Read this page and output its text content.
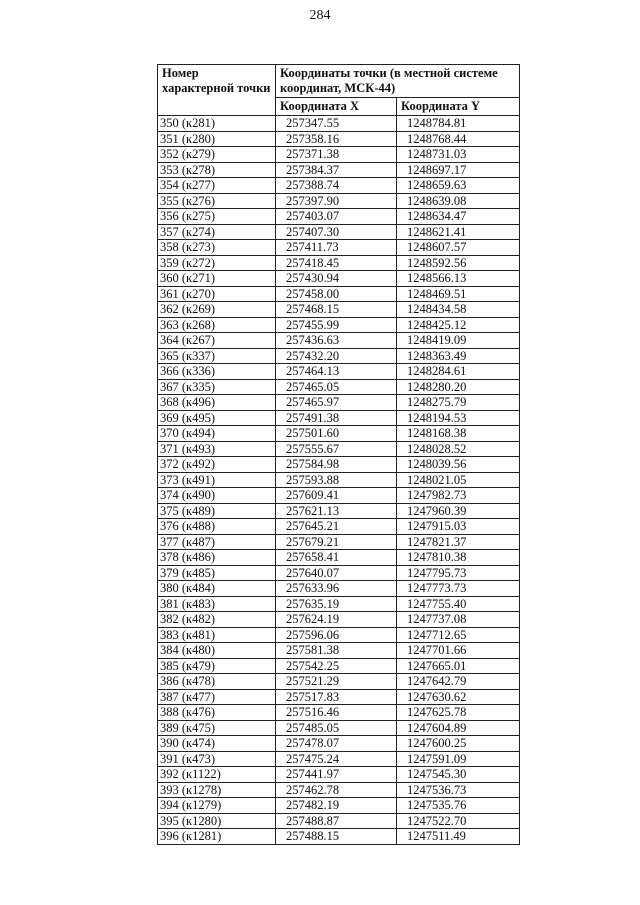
284
Номер характерной точки	Координаты точки (в местной системе координат, МСК-44)	
	Координата X	Координата Y
350 (к281)	257347.55	1248784.81
351 (к280)	257358.16	1248768.44
352 (к279)	257371.38	1248731.03
353 (к278)	257384.37	1248697.17
354 (к277)	257388.74	1248659.63
355 (к276)	257397.90	1248639.08
356 (к275)	257403.07	1248634.47
357 (к274)	257407.30	1248621.41
358 (к273)	257411.73	1248607.57
359 (к272)	257418.45	1248592.56
360 (к271)	257430.94	1248566.13
361 (к270)	257458.00	1248469.51
362 (к269)	257468.15	1248434.58
363 (к268)	257455.99	1248425.12
364 (к267)	257436.63	1248419.09
365 (к337)	257432.20	1248363.49
366 (к336)	257464.13	1248284.61
367 (к335)	257465.05	1248280.20
368 (к496)	257465.97	1248275.79
369 (к495)	257491.38	1248194.53
370 (к494)	257501.60	1248168.38
371 (к493)	257555.67	1248028.52
372 (к492)	257584.98	1248039.56
373 (к491)	257593.88	1248021.05
374 (к490)	257609.41	1247982.73
375 (к489)	257621.13	1247960.39
376 (к488)	257645.21	1247915.03
377 (к487)	257679.21	1247821.37
378 (к486)	257658.41	1247810.38
379 (к485)	257640.07	1247795.73
380 (к484)	257633.96	1247773.73
381 (к483)	257635.19	1247755.40
382 (к482)	257624.19	1247737.08
383 (к481)	257596.06	1247712.65
384 (к480)	257581.38	1247701.66
385 (к479)	257542.25	1247665.01
386 (к478)	257521.29	1247642.79
387 (к477)	257517.83	1247630.62
388 (к476)	257516.46	1247625.78
389 (к475)	257485.05	1247604.89
390 (к474)	257478.07	1247600.25
391 (к473)	257475.24	1247591.09
392 (к1122)	257441.97	1247545.30
393 (к1278)	257462.78	1247536.73
394 (к1279)	257482.19	1247535.76
395 (к1280)	257488.87	1247522.70
396 (к1281)	257488.15	1247511.49
